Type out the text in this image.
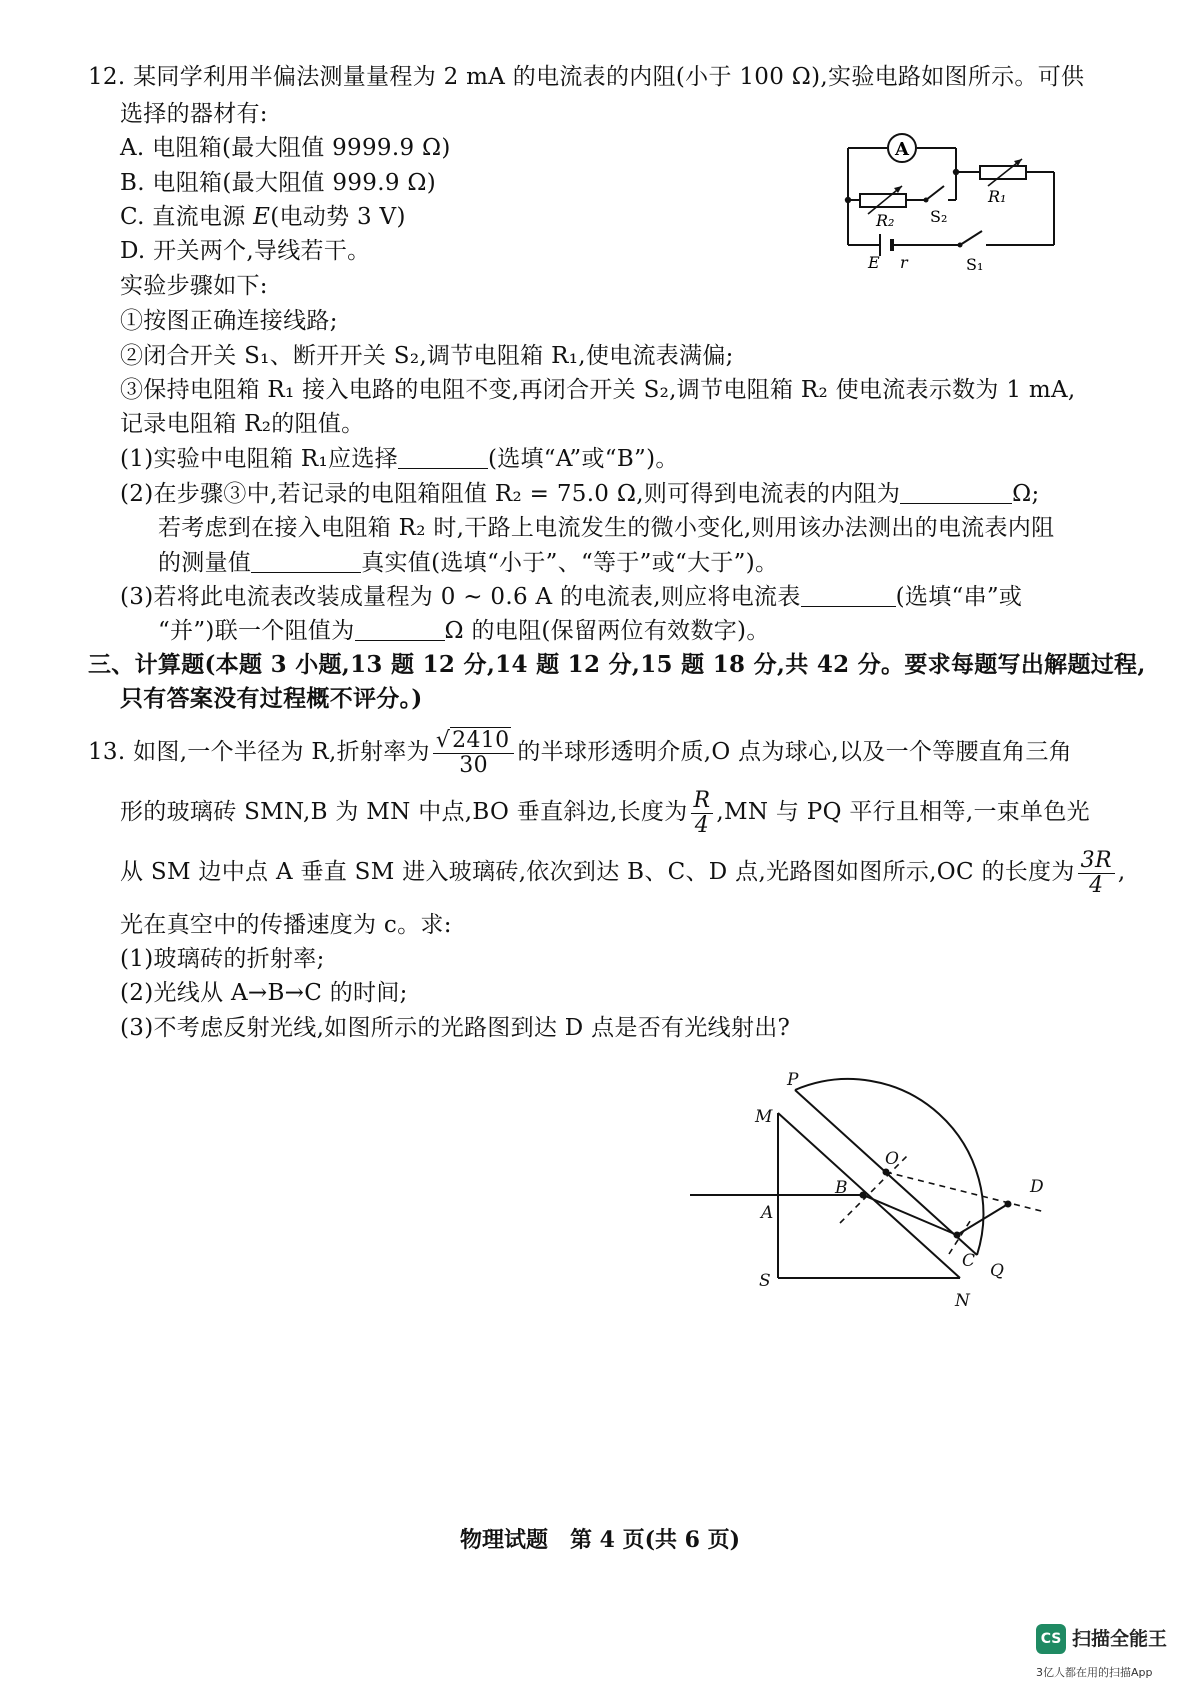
12. 某同学利用半偏法测量量程为 2 mA 的电流表的内阻(小于 100 Ω),实验电路如图所示。可供
选择的器材有:
A. 电阻箱(最大阻值 9999.9 Ω)
B. 电阻箱(最大阻值 999.9 Ω)
C. 直流电源 E(电动势 3 V)
D. 开关两个,导线若干。
实验步骤如下:
①按图正确连接线路;
②闭合开关 S₁、断开开关 S₂,调节电阻箱 R₁,使电流表满偏;
③保持电阻箱 R₁ 接入电路的电阻不变,再闭合开关 S₂,调节电阻箱 R₂ 使电流表示数为 1 mA,
记录电阻箱 R₂的阻值。
(1)实验中电阻箱 R₁应选择	(选填“A”或“B”)。
(2)在步骤③中,若记录的电阻箱阻值 R₂ = 75.0 Ω,则可得到电流表的内阻为	Ω;
若考虑到在接入电阻箱 R₂ 时,干路上电流发生的微小变化,则用该办法测出的电流表内阻
的测量值	真实值(选填“小于”、“等于”或“大于”)。
(3)若将此电流表改装成量程为 0 ~ 0.6 A 的电流表,则应将电流表	(选填“串”或
“并”)联一个阻值为	Ω 的电阻(保留两位有效数字)。
A
R₁
R₂ S₂
E r	S₁
三、计算题(本题 3 小题,13 题 12 分,14 题 12 分,15 题 18 分,共 42 分。要求每题写出解题过程,
只有答案没有过程概不评分。)
13. 如图,一个半径为 R,折射率为 $\frac{√2410}{30}$ 的半球形透明介质,O 点为球心,以及一个等腰直角三角
形的玻璃砖 SMN,B 为 MN 中点,BO 垂直斜边,长度为 $\frac{R}{4} ,MN$ 与 PQ 平行且相等,一束单色光
从 SM 边中点 A 垂直 SM 进入玻璃砖,依次到达 B、C、D 点,光路图如图所示,OC 的长度为 $\frac{3R}{4}$ ,
光在真空中的传播速度为 c。求:
(1)玻璃砖的折射率;
(2)光线从 A→B→C 的时间;
(3)不考虑反射光线,如图所示的光路图到达 D 点是否有光线射出?
P
M
O
B	D
A
C Q
S
N
物理试题　第 4 页(共 6 页)
CS 扫描全能王
3亿人都在用的扫描App
